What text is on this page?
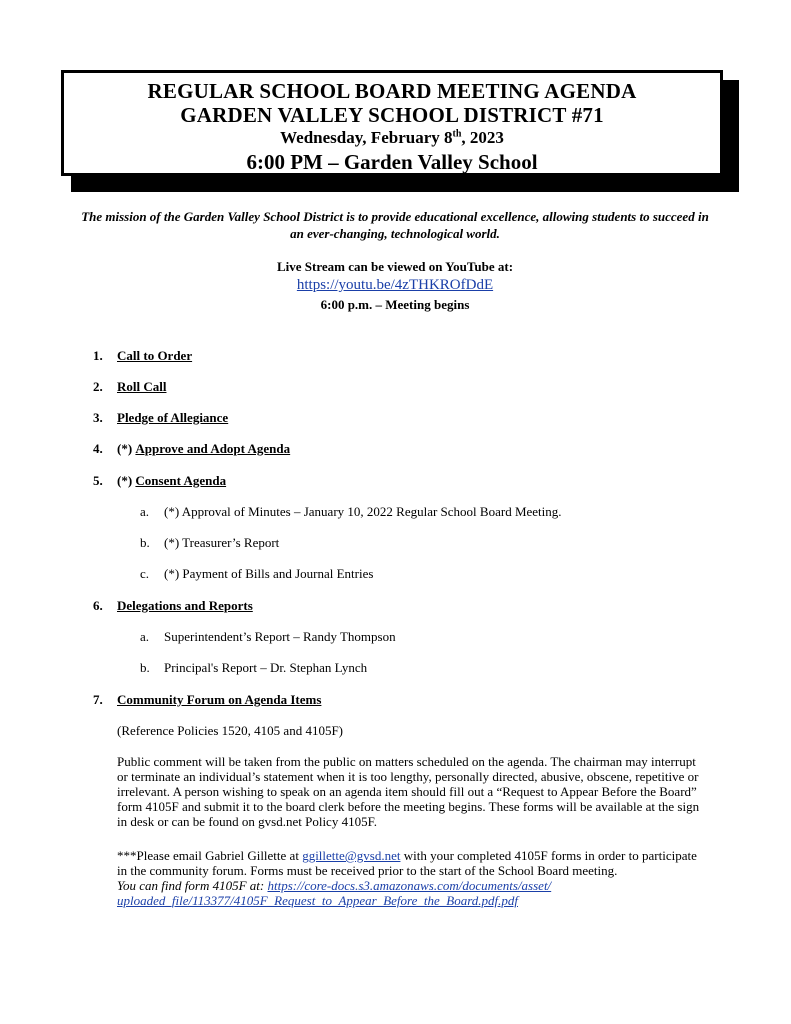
REGULAR SCHOOL BOARD MEETING AGENDA
GARDEN VALLEY SCHOOL DISTRICT #71
Wednesday, February 8th, 2023
6:00 PM – Garden Valley School
The mission of the Garden Valley School District is to provide educational excellence, allowing students to succeed in an ever-changing, technological world.
Live Stream can be viewed on YouTube at:
https://youtu.be/4zTHKROfDdE
6:00 p.m. – Meeting begins
1.	Call to Order
2.	Roll Call
3.	Pledge of Allegiance
4.	(*) Approve and Adopt Agenda
5.	(*) Consent Agenda
a. (*) Approval of Minutes – January 10, 2022 Regular School Board Meeting.
b. (*) Treasurer’s Report
c. (*) Payment of Bills and Journal Entries
6.	Delegations and Reports
a. Superintendent’s Report – Randy Thompson
b. Principal's Report – Dr. Stephan Lynch
7.	Community Forum on Agenda Items
(Reference Policies 1520, 4105 and 4105F)
Public comment will be taken from the public on matters scheduled on the agenda. The chairman may interrupt
or terminate an individual’s statement when it is too lengthy, personally directed, abusive, obscene, repetitive or
irrelevant. A person wishing to speak on an agenda item should fill out a “Request to Appear Before the Board”
form 4105F and submit it to the board clerk before the meeting begins. These forms will be available at the sign
in desk or can be found on gvsd.net Policy 4105F.
***Please email Gabriel Gillette at ggillette@gvsd.net with your completed 4105F forms in order to participate
in the community forum. Forms must be received prior to the start of the School Board meeting.
You can find form 4105F at: https://core-docs.s3.amazonaws.com/documents/asset/
uploaded_file/113377/4105F_Request_to_Appear_Before_the_Board.pdf.pdf
